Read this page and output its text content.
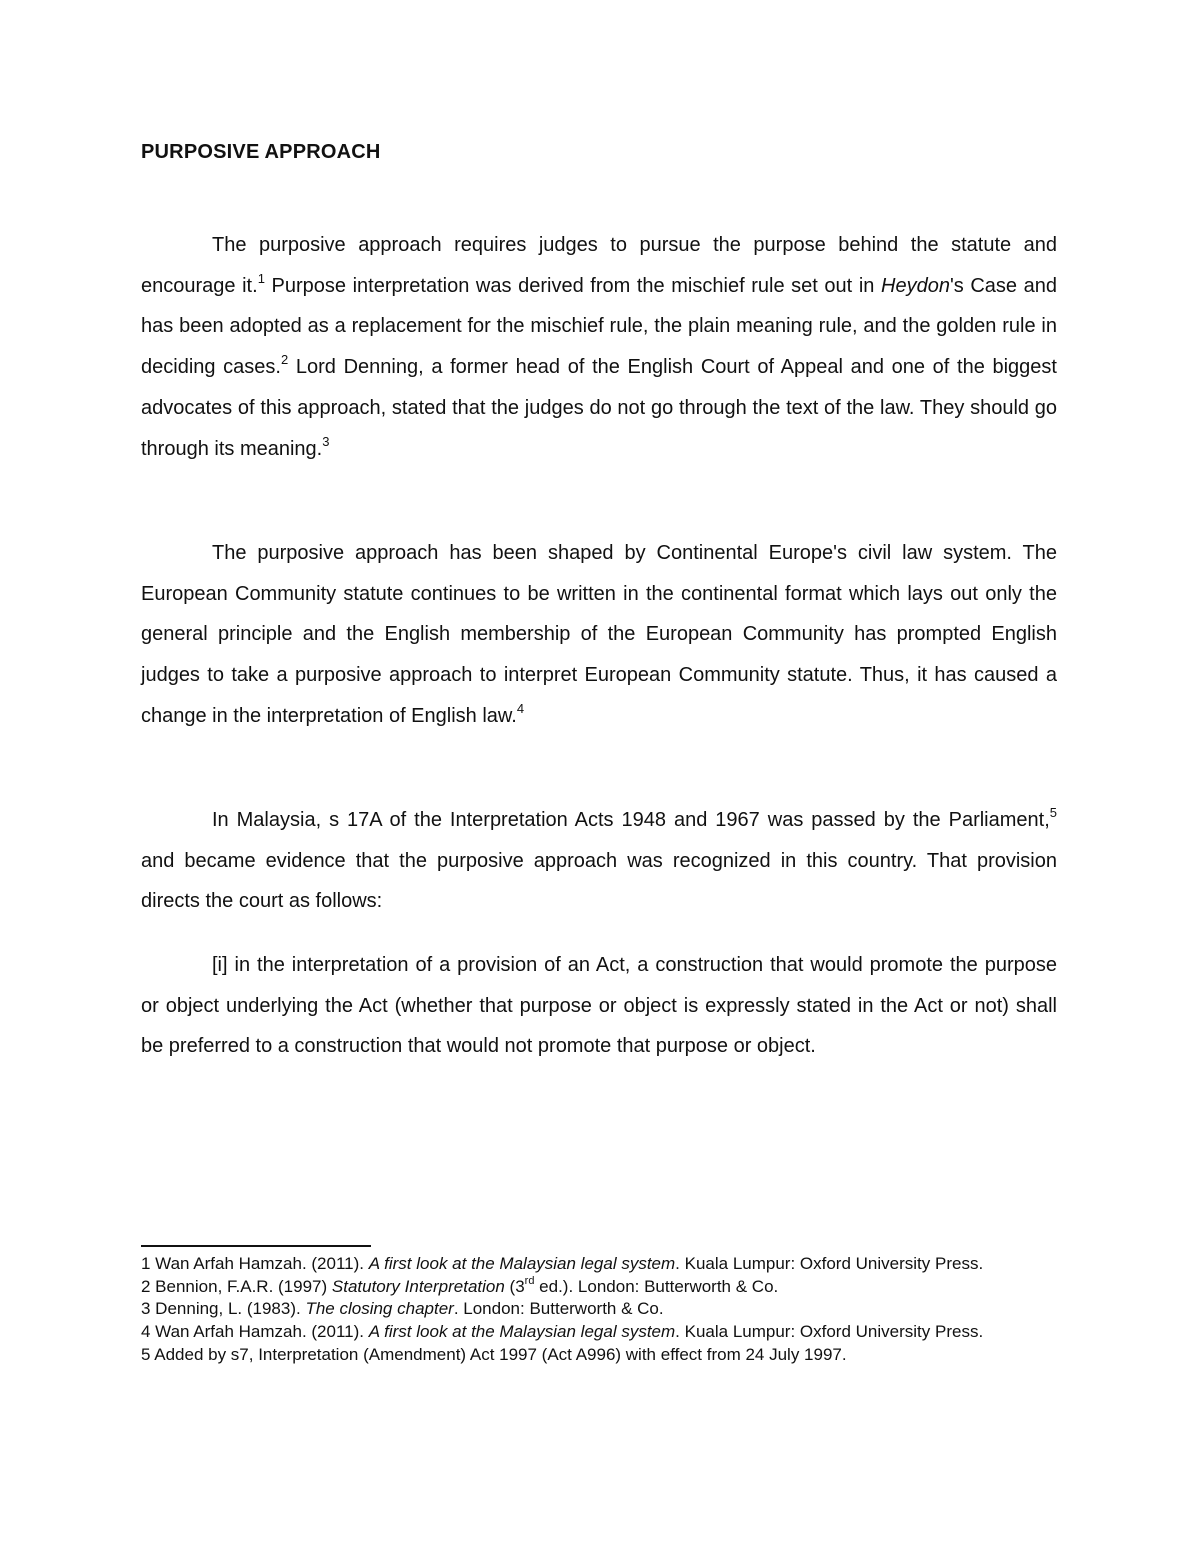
PURPOSIVE APPROACH

The purposive approach requires judges to pursue the purpose behind the statute and encourage it.$^1$ Purpose interpretation was derived from the mischief rule set out in Heydon's Case and has been adopted as a replacement for the mischief rule, the plain meaning rule, and the golden rule in deciding cases.$^2$ Lord Denning, a former head of the English Court of Appeal and one of the biggest advocates of this approach, stated that the judges do not go through the text of the law. They should go through its meaning.$^3$

The purposive approach has been shaped by Continental Europe's civil law system. The European Community statute continues to be written in the continental format which lays out only the general principle and the English membership of the European Community has prompted English judges to take a purposive approach to interpret European Community statute. Thus, it has caused a change in the interpretation of English law.$^4$

In Malaysia, s 17A of the Interpretation Acts 1948 and 1967 was passed by the Parliament,$^5$ and became evidence that the purposive approach was recognized in this country. That provision directs the court as follows:

[i] in the interpretation of a provision of an Act, a construction that would promote the purpose or object underlying the Act (whether that purpose or object is expressly stated in the Act or not) shall be preferred to a construction that would not promote that purpose or object.

1 Wan Arfah Hamzah. (2011). A first look at the Malaysian legal system. Kuala Lumpur: Oxford University Press.
2 Bennion, F.A.R. (1997) Statutory Interpretation (3rd ed.). London: Butterworth & Co.
3 Denning, L. (1983). The closing chapter. London: Butterworth & Co.
4 Wan Arfah Hamzah. (2011). A first look at the Malaysian legal system. Kuala Lumpur: Oxford University Press.
5 Added by s7, Interpretation (Amendment) Act 1997 (Act A996) with effect from 24 July 1997.
